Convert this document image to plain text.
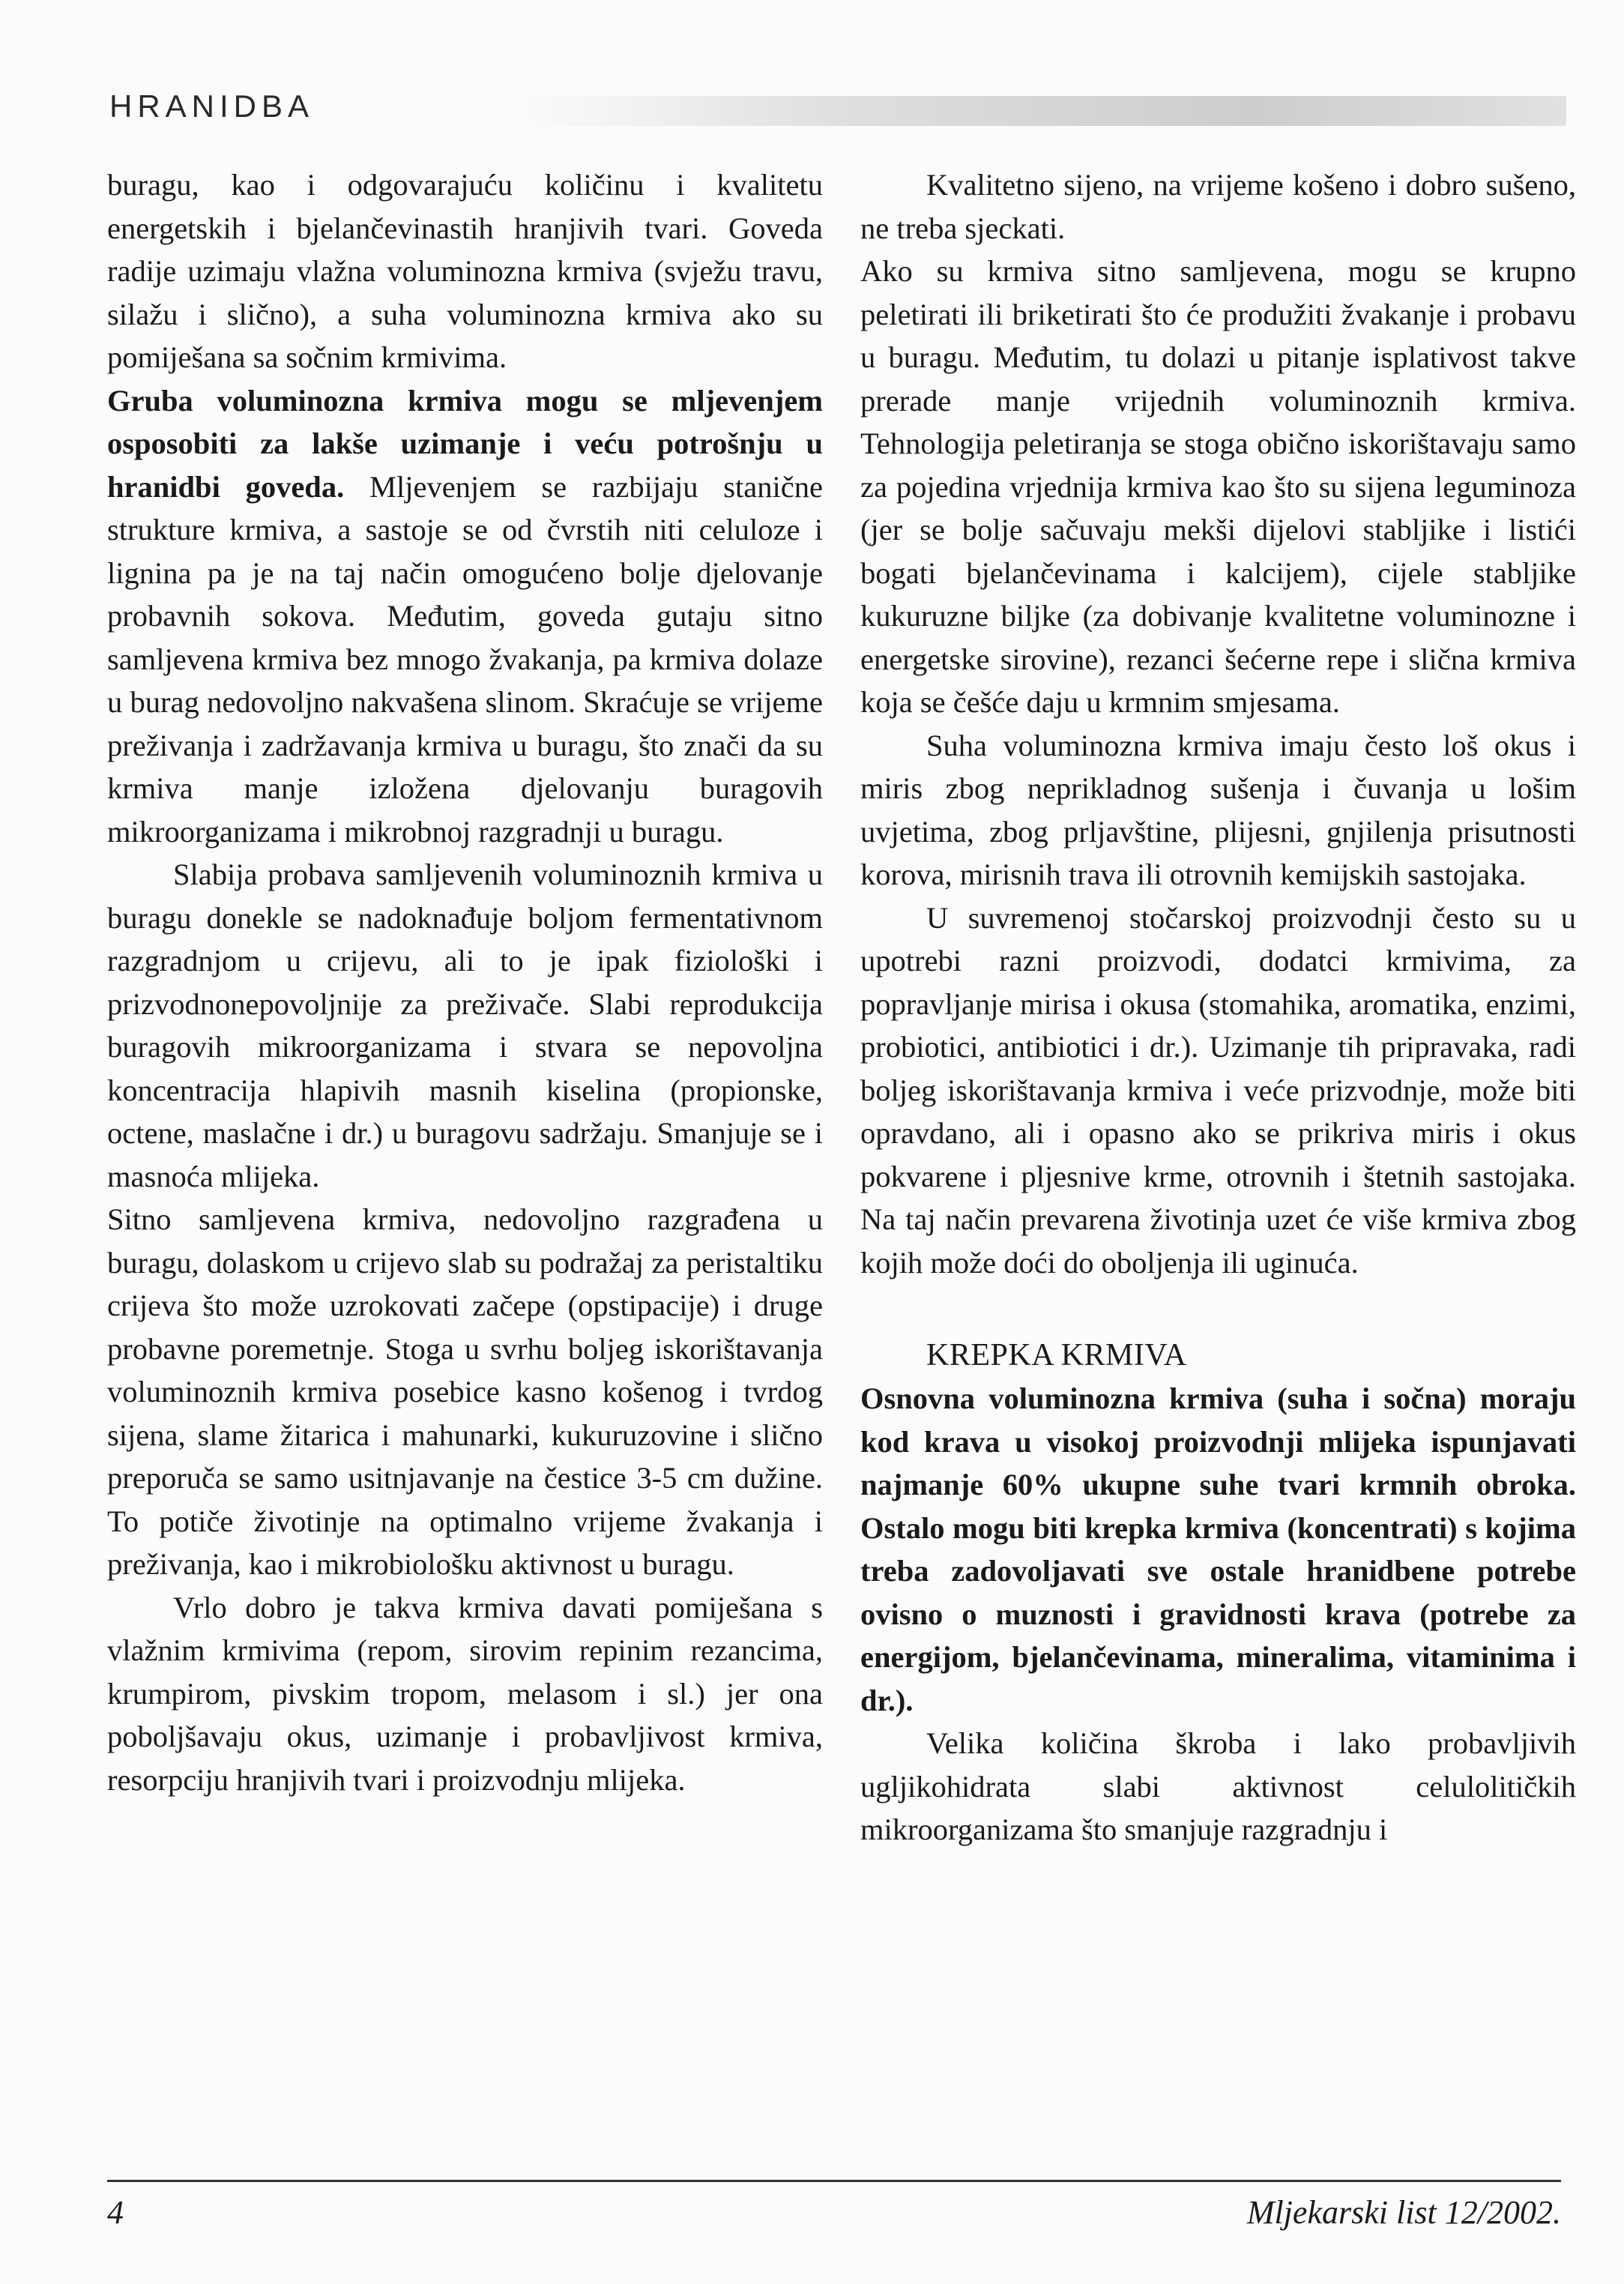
HRANIDBA

buragu, kao i odgovarajuću količinu i kvalitetu energetskih i bjelančevinastih hranjivih tvari. Goveda radije uzimaju vlažna voluminozna krmiva (svježu travu, silažu i slično), a suha voluminozna krmiva ako su pomiješana sa sočnim krmivima.

Gruba voluminozna krmiva mogu se mljevenjem osposobiti za lakše uzimanje i veću potrošnju u hranidbi goveda. Mljevenjem se razbijaju stanične strukture krmiva, a sastoje se od čvrstih niti celuloze i lignina pa je na taj način omogućeno bolje djelovanje probavnih sokova. Međutim, goveda gutaju sitno samljevena krmiva bez mnogo žvakanja, pa krmiva dolaze u burag nedovoljno nakvašena slinom. Skraćuje se vrijeme preživanja i zadržavanja krmiva u buragu, što znači da su krmiva manje izložena djelovanju buragovih mikroorganizama i mikrobnoj razgradnji u buragu.

Slabija probava samljevenih voluminoznih krmiva u buragu donekle se nadoknađuje boljom fermentativnom razgradnjom u crijevu, ali to je ipak fiziološki i prizvodnonepovoljnije za preživače. Slabi reprodukcija buragovih mikroorganizama i stvara se nepovoljna koncentracija hlapivih masnih kiselina (propionske, octene, maslačne i dr.) u buragovu sadržaju. Smanjuje se i masnoća mlijeka.

Sitno samljevena krmiva, nedovoljno razgrađena u buragu, dolaskom u crijevo slab su podražaj za peristaltiku crijeva što može uzrokovati začepe (opstipacije) i druge probavne poremetnje. Stoga u svrhu boljeg iskorištavanja voluminoznih krmiva posebice kasno košenog i tvrdog sijena, slame žitarica i mahunarki, kukuruzovine i slično preporuča se samo usitnjavanje na čestice 3-5 cm dužine. To potiče životinje na optimalno vrijeme žvakanja i preživanja, kao i mikrobiološku aktivnost u buragu.

Vrlo dobro je takva krmiva davati pomiješana s vlažnim krmivima (repom, sirovim repinim rezancima, krumpirom, pivskim tropom, melasom i sl.) jer ona poboljšavaju okus, uzimanje i probavljivost krmiva, resorpciju hranjivih tvari i proizvodnju mlijeka.

Kvalitetno sijeno, na vrijeme košeno i dobro sušeno, ne treba sjeckati.

Ako su krmiva sitno samljevena, mogu se krupno peletirati ili briketirati što će produžiti žvakanje i probavu u buragu. Međutim, tu dolazi u pitanje isplativost takve prerade manje vrijednih voluminoznih krmiva. Tehnologija peletiranja se stoga obično iskorištavaju samo za pojedina vrjednija krmiva kao što su sijena leguminoza (jer se bolje sačuvaju mekši dijelovi stabljike i listići bogati bjelančevinama i kalcijem), cijele stabljike kukuruzne biljke (za dobivanje kvalitetne voluminozne i energetske sirovine), rezanci šećerne repe i slična krmiva koja se češće daju u krmnim smjesama.

Suha voluminozna krmiva imaju često loš okus i miris zbog neprikladnog sušenja i čuvanja u lošim uvjetima, zbog prljavštine, plijesni, gnjilenja prisutnosti korova, mirisnih trava ili otrovnih kemijskih sastojaka.

U suvremenoj stočarskoj proizvodnji često su u upotrebi razni proizvodi, dodatci krmivima, za popravljanje mirisa i okusa (stomahika, aromatika, enzimi, probiotici, antibiotici i dr.). Uzimanje tih pripravaka, radi boljeg iskorištavanja krmiva i veće prizvodnje, može biti opravdano, ali i opasno ako se prikriva miris i okus pokvarene i pljesnive krme, otrovnih i štetnih sastojaka. Na taj način prevarena životinja uzet će više krmiva zbog kojih može doći do oboljenja ili uginuća.

KREPKA KRMIVA

Osnovna voluminozna krmiva (suha i sočna) moraju kod krava u visokoj proizvodnji mlijeka ispunjavati najmanje 60% ukupne suhe tvari krmnih obroka. Ostalo mogu biti krepka krmiva (koncentrati) s kojima treba zadovoljavati sve ostale hranidbene potrebe ovisno o muznosti i gravidnosti krava (potrebe za energijom, bjelančevinama, mineralima, vitaminima i dr.).

Velika količina škroba i lako probavljivih ugljikohidrata slabi aktivnost celulolitičkih mikroorganizama što smanjuje razgradnju i

4	Mljekarski list 12/2002.
